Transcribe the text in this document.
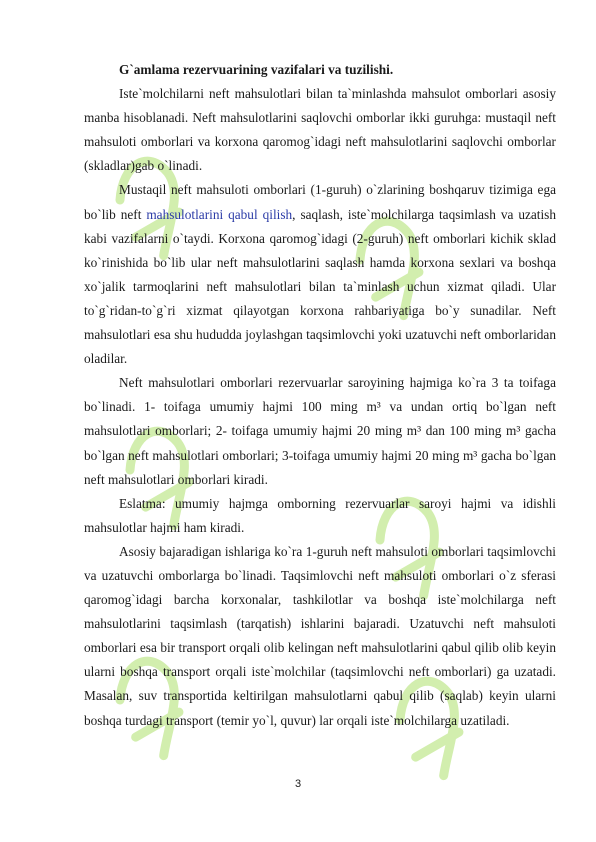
G`amlama rezervuarining vazifalari va tuzilishi.

Iste`molchilarni neft mahsulotlari bilan ta`minlashda mahsulot omborlari asosiy manba hisoblanadi. Neft mahsulotlarini saqlovchi omborlar ikki guruhga: mustaqil neft mahsuloti omborlari va korxona qaromog`idagi neft mahsulotlarini saqlovchi omborlar (skladlar)gab o`linadi.

Mustaqil neft mahsuloti omborlari (1-guruh) o`zlarining boshqaruv tizimiga ega bo`lib neft mahsulotlarini qabul qilish, saqlash, iste`molchilarga taqsimlash va uzatish kabi vazifalarni o`taydi. Korxona qaromog`idagi (2-guruh) neft omborlari kichik sklad ko`rinishida bo`lib ular neft mahsulotlarini saqlash hamda korxona sexlari va boshqa xo`jalik tarmoqlarini neft mahsulotlari bilan ta`minlash uchun xizmat qiladi. Ular to`g`ridan-to`g`ri xizmat qilayotgan korxona rahbariyatiga bo`y sunadilar. Neft mahsulotlari esa shu hududda joylashgan taqsimlovchi yoki uzatuvchi neft omborlaridan oladilar.

Neft mahsulotlari omborlari rezervuarlar saroyining hajmiga ko`ra 3 ta toifaga bo`linadi. 1- toifaga umumiy hajmi 100 ming m³ va undan ortiq bo`lgan neft mahsulotlari omborlari; 2- toifaga umumiy hajmi 20 ming m³ dan 100 ming m³ gacha bo`lgan neft mahsulotlari omborlari; 3-toifaga umumiy hajmi 20 ming m³ gacha bo`lgan neft mahsulotlari omborlari kiradi.

Eslatma: umumiy hajmga omborning rezervuarlar saroyi hajmi va idishli mahsulotlar hajmi ham kiradi.

Asosiy bajaradigan ishlariga ko`ra 1-guruh neft mahsuloti omborlari taqsimlovchi va uzatuvchi omborlarga bo`linadi. Taqsimlovchi neft mahsuloti omborlari o`z sferasi qaromog`idagi barcha korxonalar, tashkilotlar va boshqa iste`molchilarga neft mahsulotlarini taqsimlash (tarqatish) ishlarini bajaradi. Uzatuvchi neft mahsuloti omborlari esa bir transport orqali olib kelingan neft mahsulotlarini qabul qilib olib keyin ularni boshqa transport orqali iste`molchilar (taqsimlovchi neft omborlari) ga uzatadi. Masalan, suv transportida keltirilgan mahsulotlarni qabul qilib (saqlab) keyin ularni boshqa turdagi transport (temir yo`l, quvur) lar orqali iste`molchilarga uzatiladi.

3
